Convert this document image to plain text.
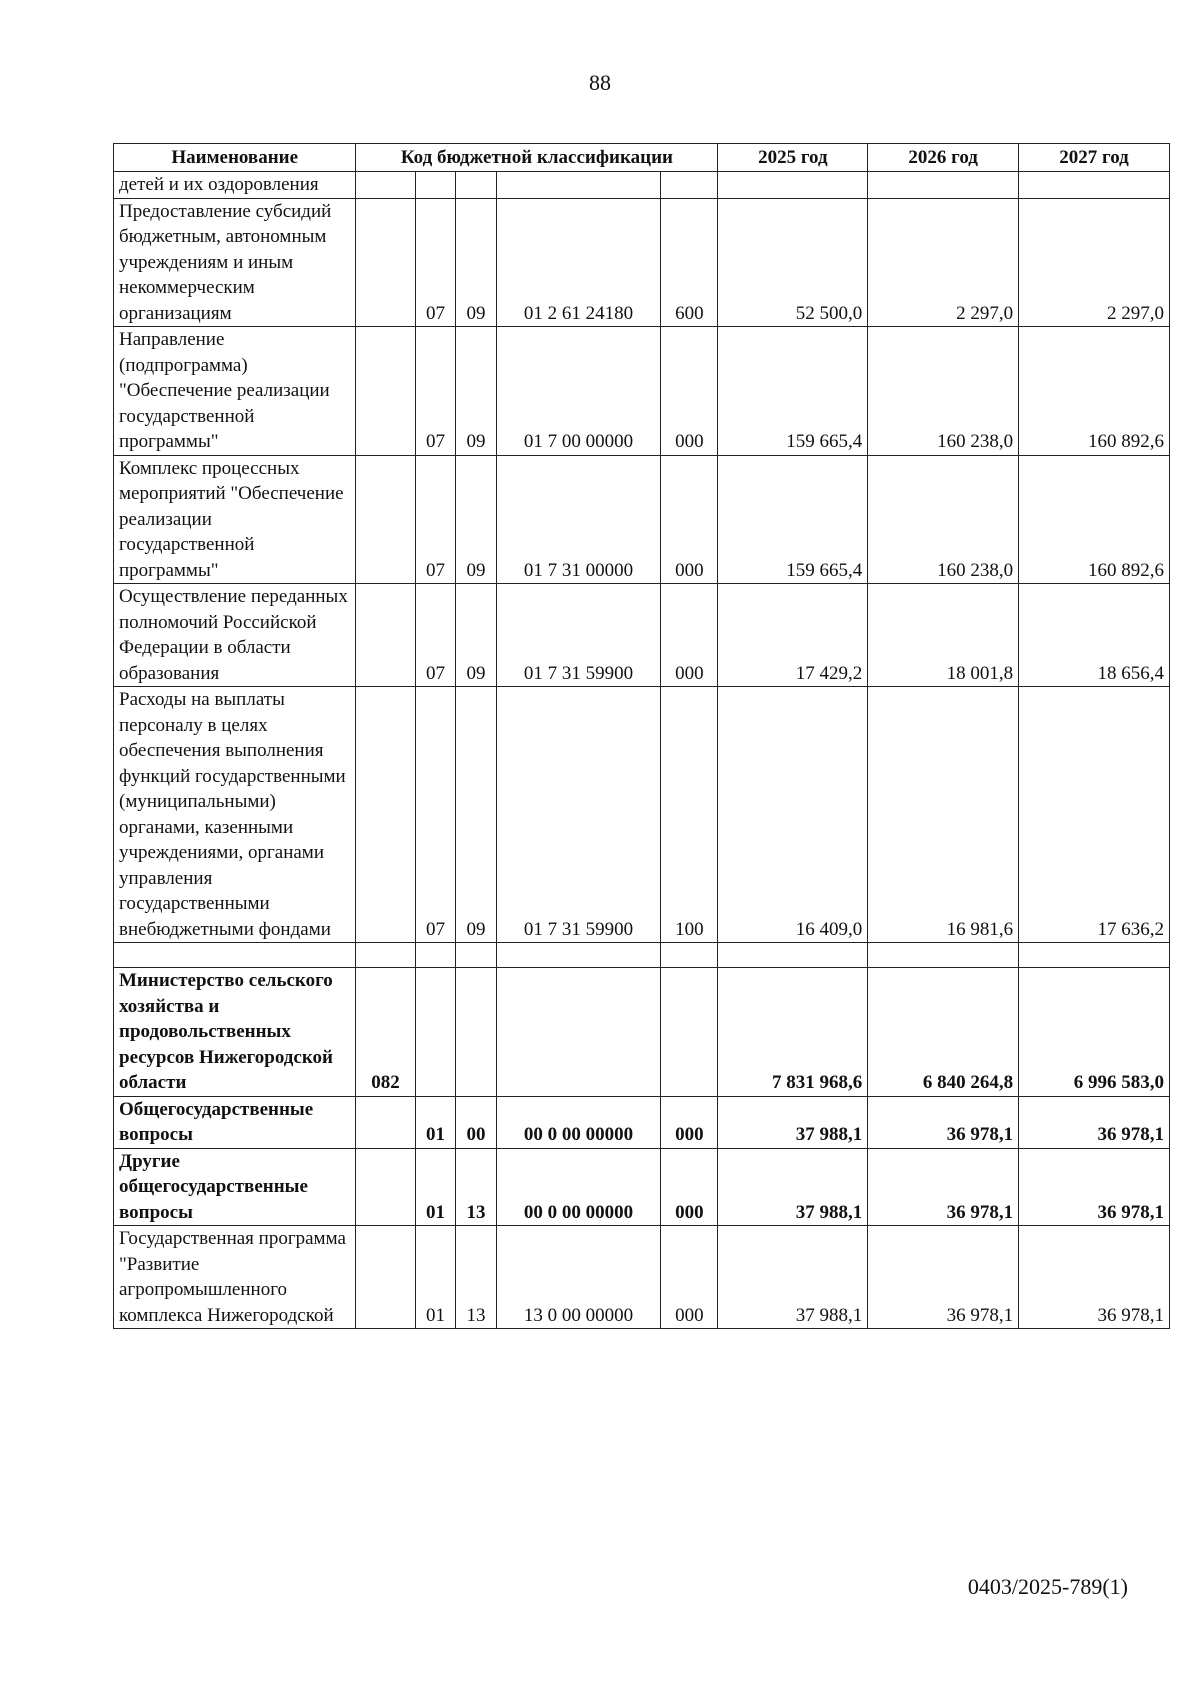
88
Наименование	Код бюджетной классификации					2025 год	2026 год	2027 год
детей и их оздоровления								
Предоставление субсидий бюджетным, автономным учреждениям и иным некоммерческим организациям		07	09	01 2 61 24180	600	52 500,0	2 297,0	2 297,0
Направление (подпрограмма) "Обеспечение реализации государственной программы"		07	09	01 7 00 00000	000	159 665,4	160 238,0	160 892,6
Комплекс процессных мероприятий "Обеспечение реализации государственной программы"		07	09	01 7 31 00000	000	159 665,4	160 238,0	160 892,6
Осуществление переданных полномочий Российской Федерации в области образования		07	09	01 7 31 59900	000	17 429,2	18 001,8	18 656,4
Расходы на выплаты персоналу в целях обеспечения выполнения функций государственными (муниципальными) органами, казенными учреждениями, органами управления государственными внебюджетными фондами		07	09	01 7 31 59900	100	16 409,0	16 981,6	17 636,2

Министерство сельского хозяйства и продовольственных ресурсов Нижегородской области	082					7 831 968,6	6 840 264,8	6 996 583,0
Общегосударственные вопросы		01	00	00 0 00 00000	000	37 988,1	36 978,1	36 978,1
Другие общегосударственные вопросы		01	13	00 0 00 00000	000	37 988,1	36 978,1	36 978,1
Государственная программа "Развитие агропромышленного комплекса Нижегородской		01	13	13 0 00 00000	000	37 988,1	36 978,1	36 978,1
0403/2025-789(1)
